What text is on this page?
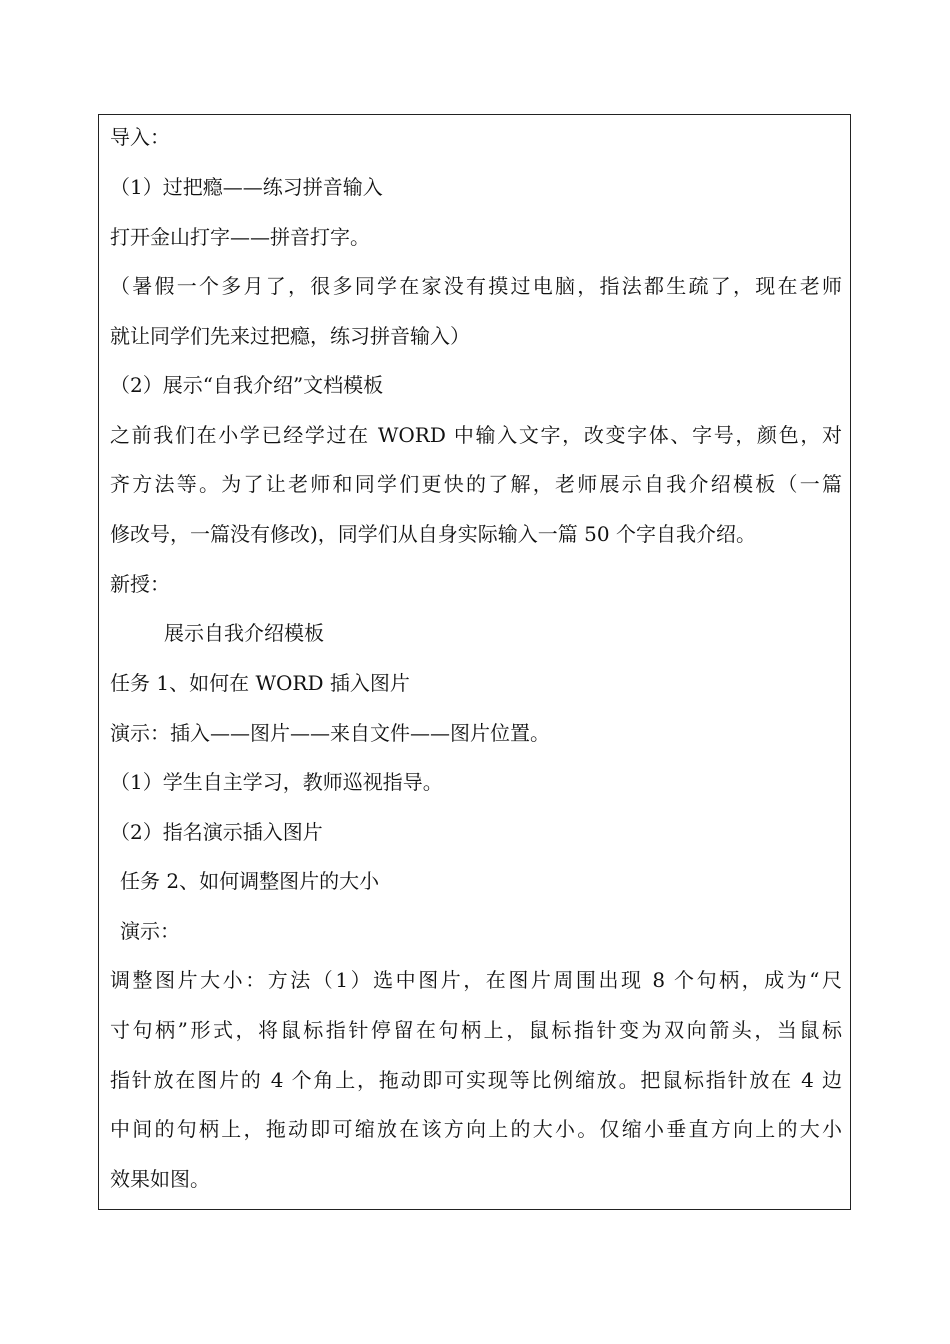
导入：
（1）过把瘾——练习拼音输入
打开金山打字——拼音打字。
（暑假一个多月了，很多同学在家没有摸过电脑，指法都生疏了，现在老师
就让同学们先来过把瘾，练习拼音输入）
（2）展示“自我介绍”文档模板
之前我们在小学已经学过在 WORD 中输入文字，改变字体、字号，颜色，对
齐方法等。为了让老师和同学们更快的了解，老师展示自我介绍模板（一篇
修改号，一篇没有修改)，同学们从自身实际输入一篇 50 个字自我介绍。
新授：
展示自我介绍模板
任务 1、如何在 WORD 插入图片
演示：插入——图片——来自文件——图片位置。
（1）学生自主学习，教师巡视指导。
（2）指名演示插入图片
任务 2、如何调整图片的大小
演示：
调整图片大小：方法（1）选中图片，在图片周围出现 8 个句柄，成为“尺
寸句柄”形式，将鼠标指针停留在句柄上，鼠标指针变为双向箭头，当鼠标
指针放在图片的 4 个角上，拖动即可实现等比例缩放。把鼠标指针放在 4 边
中间的句柄上，拖动即可缩放在该方向上的大小。仅缩小垂直方向上的大小
效果如图。
